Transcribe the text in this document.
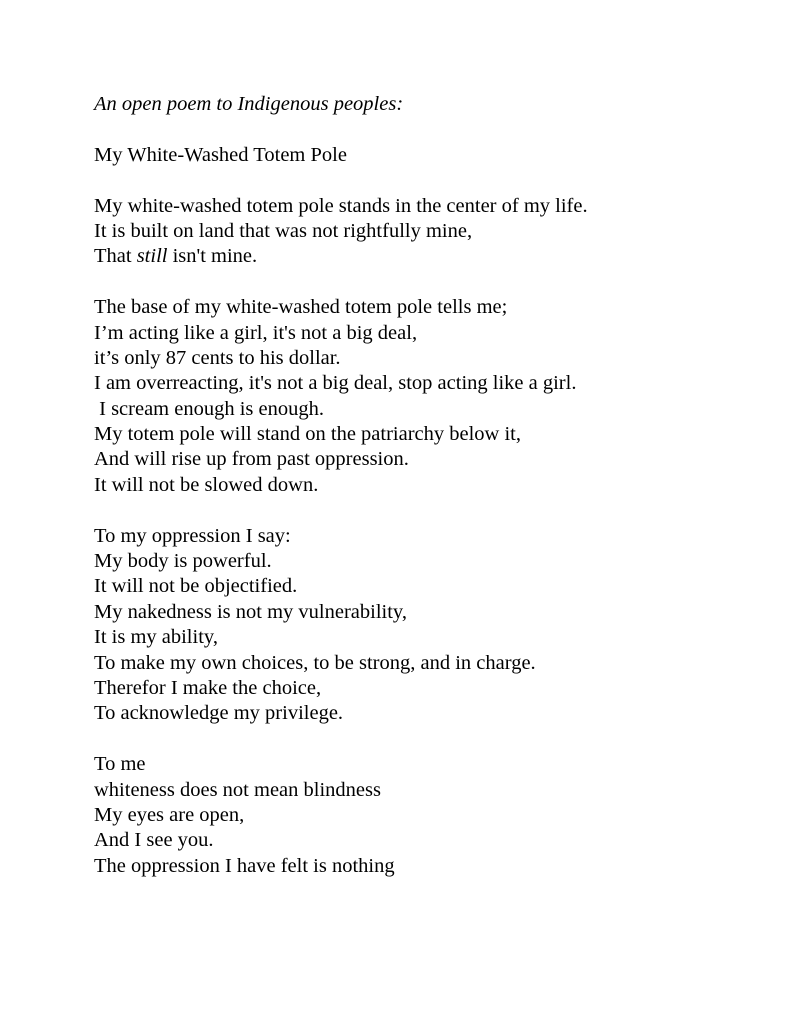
An open poem to Indigenous peoples:
My White-Washed Totem Pole
My white-washed totem pole stands in the center of my life.
It is built on land that was not rightfully mine,
That still isn't mine.
The base of my white-washed totem pole tells me;
I’m acting like a girl, it's not a big deal,
it’s only 87 cents to his dollar.
I am overreacting, it's not a big deal, stop acting like a girl.
I scream enough is enough.
My totem pole will stand on the patriarchy below it,
And will rise up from past oppression.
It will not be slowed down.
To my oppression I say:
My body is powerful.
It will not be objectified.
My nakedness is not my vulnerability,
It is my ability,
To make my own choices, to be strong, and in charge.
Therefor I make the choice,
To acknowledge my privilege.
To me
whiteness does not mean blindness
My eyes are open,
And I see you.
The oppression I have felt is nothing
